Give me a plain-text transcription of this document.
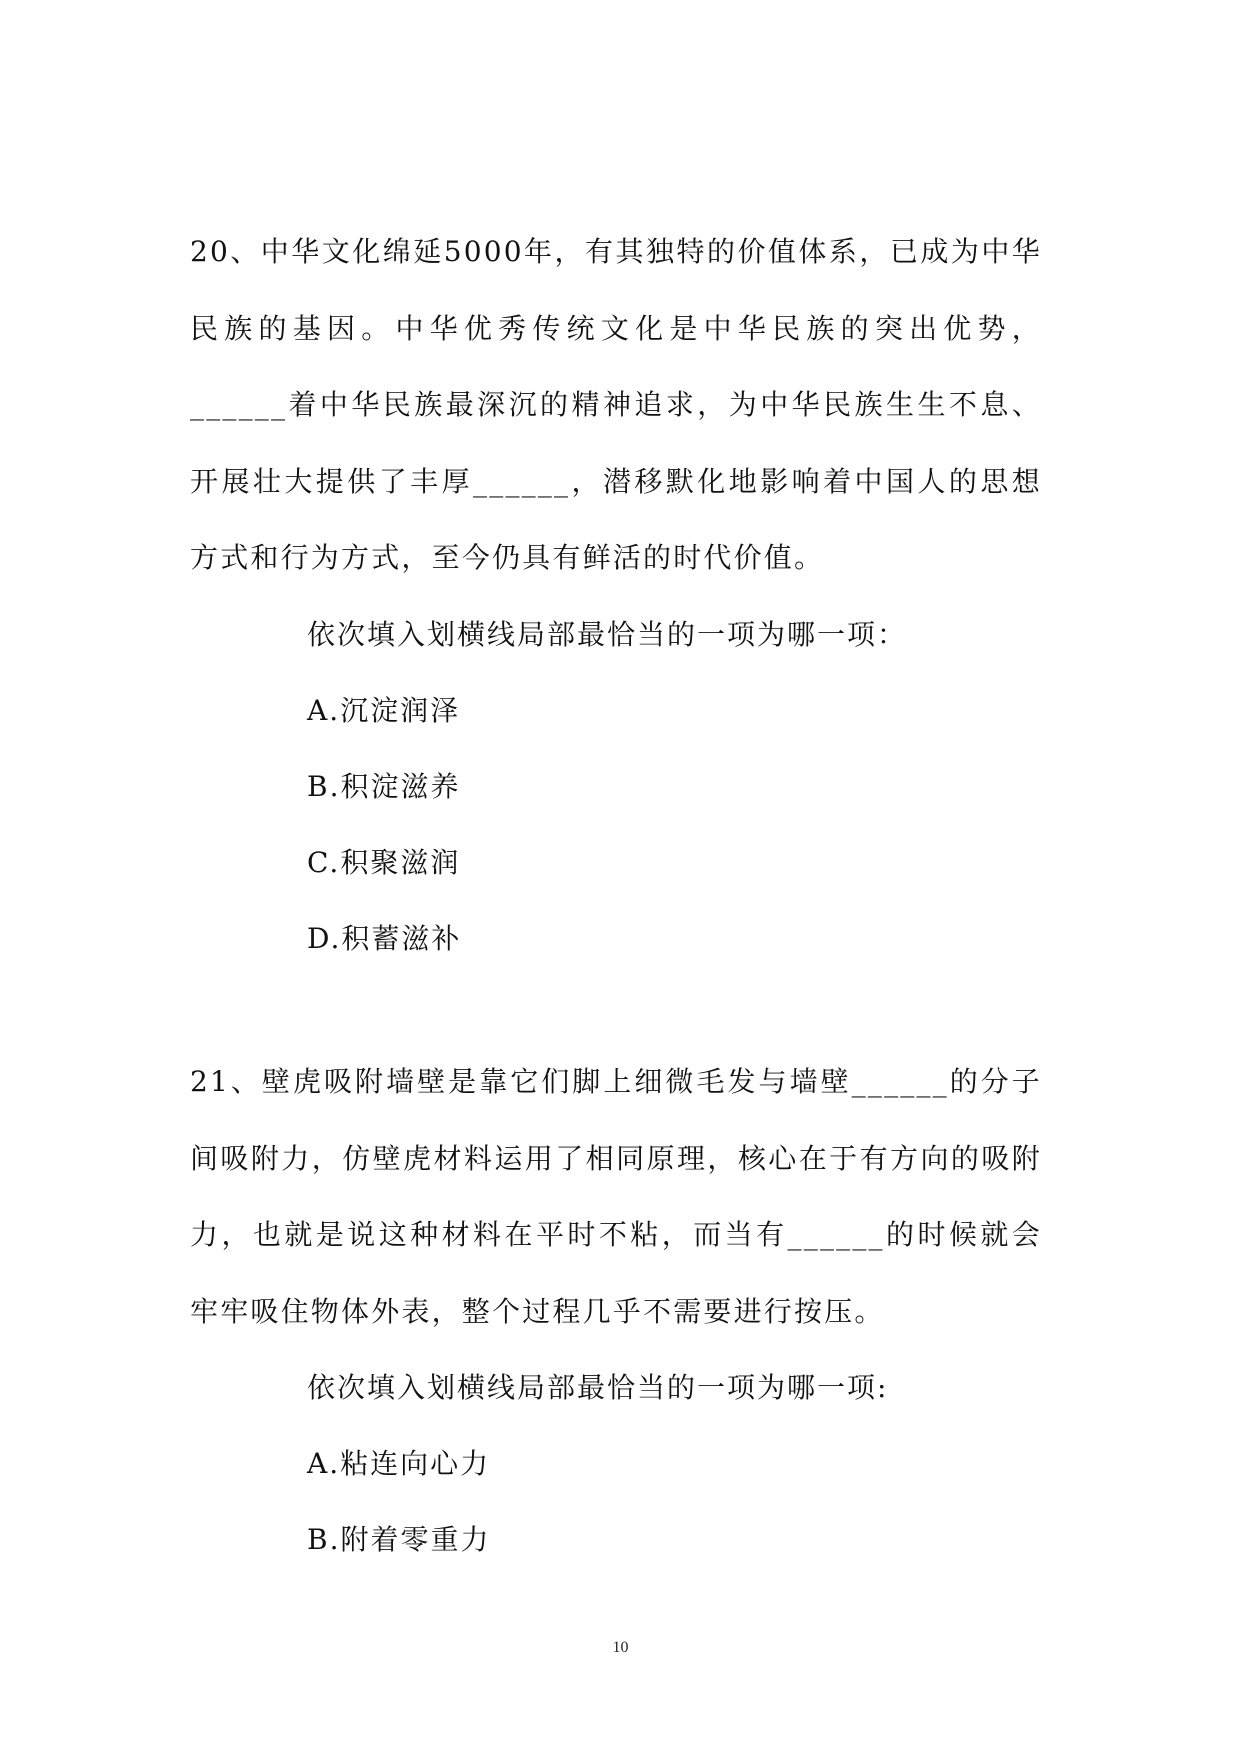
20、中华文化绵延5000年，有其独特的价值体系，已成为中华民族的基因。中华优秀传统文化是中华民族的突出优势，______着中华民族最深沉的精神追求，为中华民族生生不息、开展壮大提供了丰厚______，潜移默化地影响着中国人的思想方式和行为方式，至今仍具有鲜活的时代价值。

依次填入划横线局部最恰当的一项为哪一项：

A.沉淀润泽

B.积淀滋养

C.积聚滋润

D.积蓄滋补

21、壁虎吸附墙壁是靠它们脚上细微毛发与墙壁______的分子间吸附力，仿壁虎材料运用了相同原理，核心在于有方向的吸附力，也就是说这种材料在平时不粘，而当有______的时候就会牢牢吸住物体外表，整个过程几乎不需要进行按压。

依次填入划横线局部最恰当的一项为哪一项:

A.粘连向心力

B.附着零重力

10
